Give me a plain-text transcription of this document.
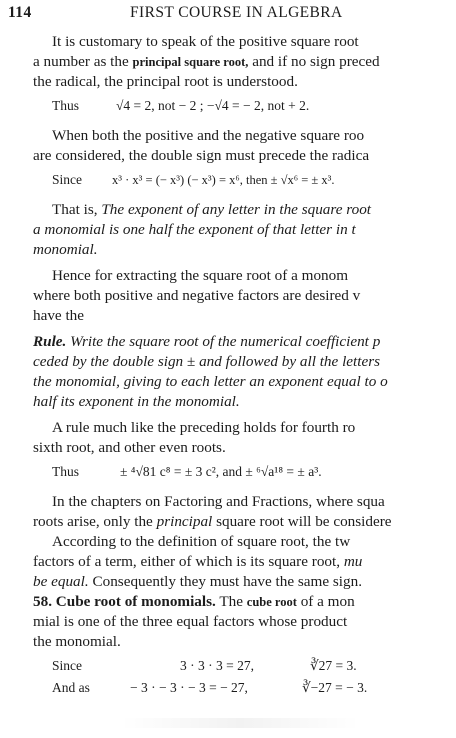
114	FIRST COURSE IN ALGEBRA
It is customary to speak of the positive square root
a number as the principal square root, and if no sign preced
the radical, the principal root is understood.
Thus	√4 = 2, not − 2 ; −√4 = − 2, not + 2.
When both the positive and the negative square roo
are considered, the double sign must precede the radica
Since x³ · x³ = (− x³) (− x³) = x⁶, then ± √x⁶ = ± x³.
That is, The exponent of any letter in the square root
a monomial is one half the exponent of that letter in t
monomial.
Hence for extracting the square root of a monom
where both positive and negative factors are desired v
have the
Rule. Write the square root of the numerical coefficient p
ceded by the double sign ± and followed by all the letters
the monomial, giving to each letter an exponent equal to o
half its exponent in the monomial.
A rule much like the preceding holds for fourth ro
sixth root, and other even roots.
Thus	± ⁴√81 c⁸ = ± 3 c², and ± ⁶√a¹⁸ = ± a³.
In the chapters on Factoring and Fractions, where squa
roots arise, only the principal square root will be considere
According to the definition of square root, the tw
factors of a term, either of which is its square root, mu
be equal. Consequently they must have the same sign.
58. Cube root of monomials. The cube root of a mon
mial is one of the three equal factors whose product
the monomial.
Since	3 · 3 · 3 = 27,	∛27 = 3.
And as	− 3 · − 3 · − 3 = − 27,	∛−27 = − 3.
